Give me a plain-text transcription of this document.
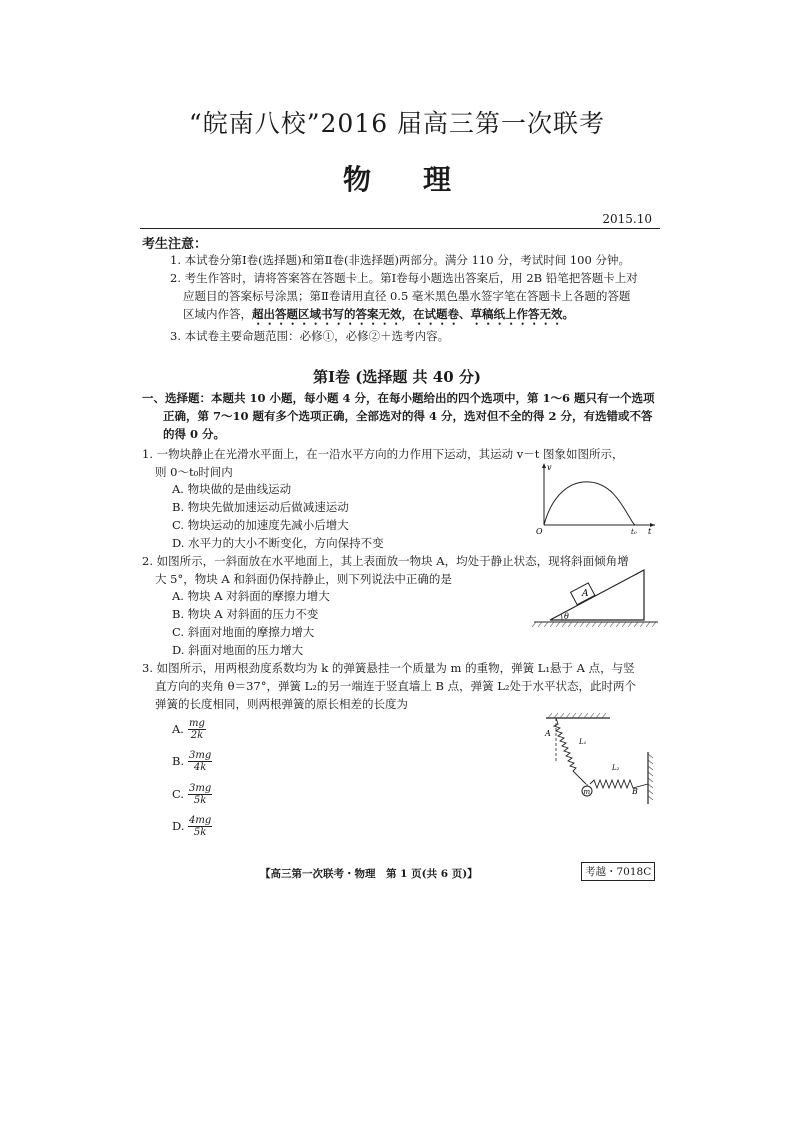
“皖南八校”2016 届高三第一次联考
物 理
2015.10
考生注意：
1. 本试卷分第Ⅰ卷(选择题)和第Ⅱ卷(非选择题)两部分。满分 110 分，考试时间 100 分钟。
2. 考生作答时，请将答案答在答题卡上。第Ⅰ卷每小题选出答案后，用 2B 铅笔把答题卡上对
应题目的答案标号涂黑；第Ⅱ卷请用直径 0.5 毫米黑色墨水签字笔在答题卡上各题的答题
区域内作答，超出答题区域书写的答案无效，在试题卷、草稿纸上作答无效。
3. 本试卷主要命题范围：必修①，必修②＋选考内容。
第Ⅰ卷 (选择题 共 40 分)
一、选择题：本题共 10 小题，每小题 4 分，在每小题给出的四个选项中，第 1～6 题只有一个选项
正确，第 7～10 题有多个选项正确，全部选对的得 4 分，选对但不全的得 2 分，有选错或不答
的得 0 分。
1. 一物块静止在光滑水平面上，在一沿水平方向的力作用下运动，其运动 v－t 图象如图所示，
则 0～t₀时间内
A. 物块做的是曲线运动
B. 物块先做加速运动后做减速运动
C. 物块运动的加速度先减小后增大
D. 水平力的大小不断变化，方向保持不变
v
O	t₀ t
2. 如图所示，一斜面放在水平地面上，其上表面放一物块 A，均处于静止状态，现将斜面倾角增
大 5°，物块 A 和斜面仍保持静止，则下列说法中正确的是
A. 物块 A 对斜面的摩擦力增大
B. 物块 A 对斜面的压力不变
C. 斜面对地面的摩擦力增大
D. 斜面对地面的压力增大
A
θ
3. 如图所示，用两根劲度系数均为 k 的弹簧悬挂一个质量为 m 的重物，弹簧 L₁悬于 A 点，与竖
直方向的夹角 θ＝37°，弹簧 L₂的另一端连于竖直墙上 B 点，弹簧 L₂处于水平状态，此时两个
弹簧的长度相同，则两根弹簧的原长相差的长度为
A. $\frac{mg}{2k}$
B. $\frac{3mg}{4k}$
C. $\frac{3mg}{5k}$
D. $\frac{4mg}{5k}$
m
A
L₁
L₂
B
【高三第一次联考・物理　第 1 页(共 6 页)】	考越・7018C
